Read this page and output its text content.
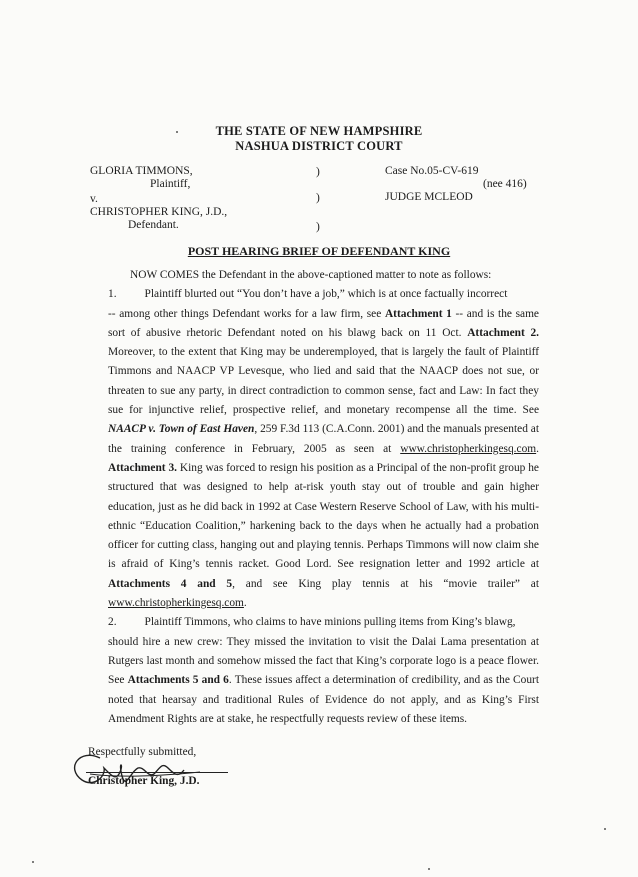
THE STATE OF NEW HAMPSHIRE
NASHUA DISTRICT COURT
GLORIA TIMMONS,
Plaintiff,
v.
CHRISTOPHER KING, J.D.,
Defendant.
)
)
)
Case No.05-CV-619
(nee 416)
JUDGE MCLEOD
POST HEARING BRIEF OF DEFENDANT KING

NOW COMES the Defendant in the above-captioned matter to note as follows:

1. Plaintiff blurted out “You don’t have a job,” which is at once factually incorrect

-- among other things Defendant works for a law firm, see Attachment 1 -- and is the same sort of abusive rhetoric Defendant noted on his blawg back on 11 Oct. Attachment 2. Moreover, to the extent that King may be underemployed, that is largely the fault of Plaintiff Timmons and NAACP VP Levesque, who lied and said that the NAACP does not sue, or threaten to sue any party, in direct contradiction to common sense, fact and Law: In fact they sue for injunctive relief, prospective relief, and monetary recompense all the time. See NAACP v. Town of East Haven, 259 F.3d 113 (C.A.Conn. 2001) and the manuals presented at the training conference in February, 2005 as seen at www.christopherkingesq.com. Attachment 3. King was forced to resign his position as a Principal of the non-profit group he structured that was designed to help at-risk youth stay out of trouble and gain higher education, just as he did back in 1992 at Case Western Reserve School of Law, with his multi-ethnic “Education Coalition,” harkening back to the days when he actually had a probation officer for cutting class, hanging out and playing tennis. Perhaps Timmons will now claim she is afraid of King’s tennis racket. Good Lord. See resignation letter and 1992 article at Attachments 4 and 5, and see King play tennis at his “movie trailer” at www.christopherkingesq.com.

2. Plaintiff Timmons, who claims to have minions pulling items from King’s blawg,

should hire a new crew: They missed the invitation to visit the Dalai Lama presentation at Rutgers last month and somehow missed the fact that King’s corporate logo is a peace flower. See Attachments 5 and 6. These issues affect a determination of credibility, and as the Court noted that hearsay and traditional Rules of Evidence do not apply, and as King’s First Amendment Rights are at stake, he respectfully requests review of these items.

Respectfully submitted,
Christopher King, J.D.
